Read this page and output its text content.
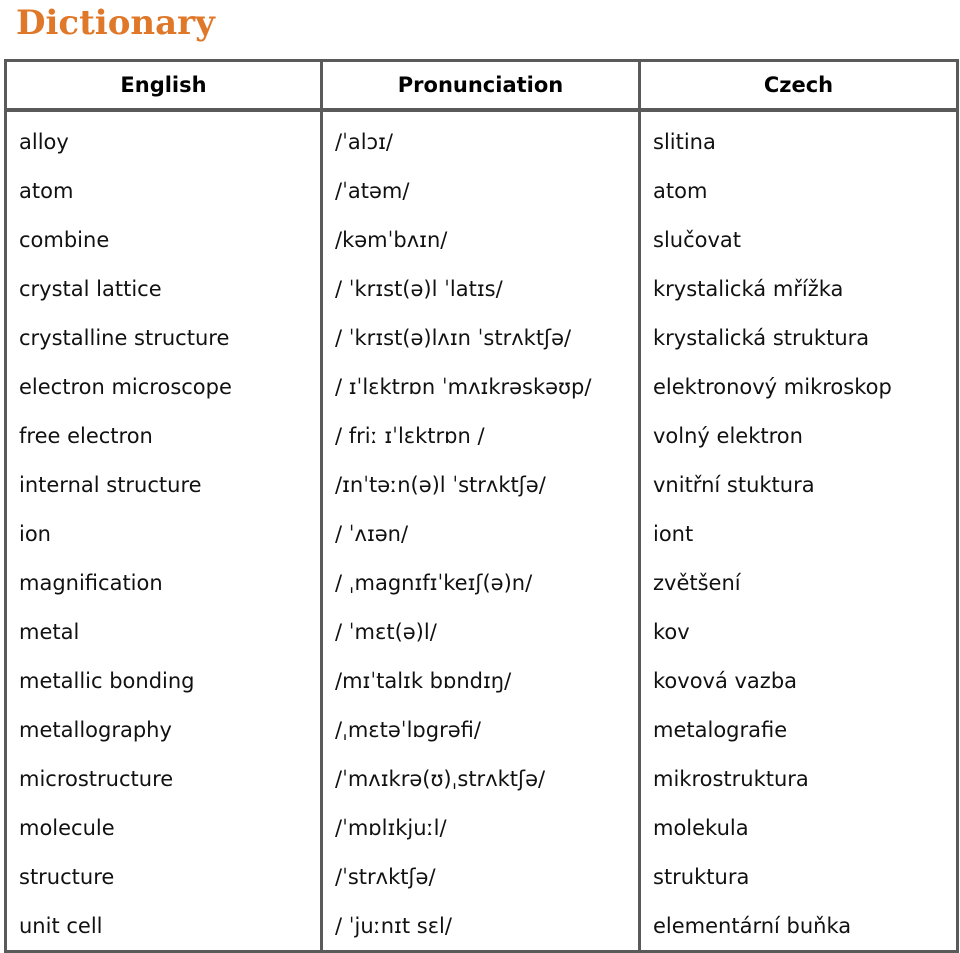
Dictionary
English	Pronunciation	Czech
alloy	/ˈalɔɪ/	slitina
atom	/ˈatəm/	atom
combine	/kəmˈbʌɪn/	slučovat
crystal lattice	/ ˈkrɪst(ə)l ˈlatɪs/	krystalická mřížka
crystalline structure	/ ˈkrɪst(ə)lʌɪn ˈstrʌktʃə/	krystalická struktura
electron microscope	/ ɪˈlɛktrɒn ˈmʌɪkrəskəʊp/	elektronový mikroskop
free electron	/ friː ɪˈlɛktrɒn /	volný elektron
internal structure	/ɪnˈtəːn(ə)l ˈstrʌktʃə/	vnitřní stuktura
ion	/ ˈʌɪən/	iont
magnification	/ ˌmagnɪfɪˈkeɪʃ(ə)n/	zvětšení
metal	/ ˈmɛt(ə)l/	kov
metallic bonding	/mɪˈtalɪk bɒndɪŋ/	kovová vazba
metallography	/ˌmɛtəˈlɒgrəfi/	metalografie
microstructure	/ˈmʌɪkrə(ʊ)ˌstrʌktʃə/	mikrostruktura
molecule	/ˈmɒlɪkjuːl/	molekula
structure	/ˈstrʌktʃə/	struktura
unit cell	/ ˈjuːnɪt sɛl/	elementární buňka
